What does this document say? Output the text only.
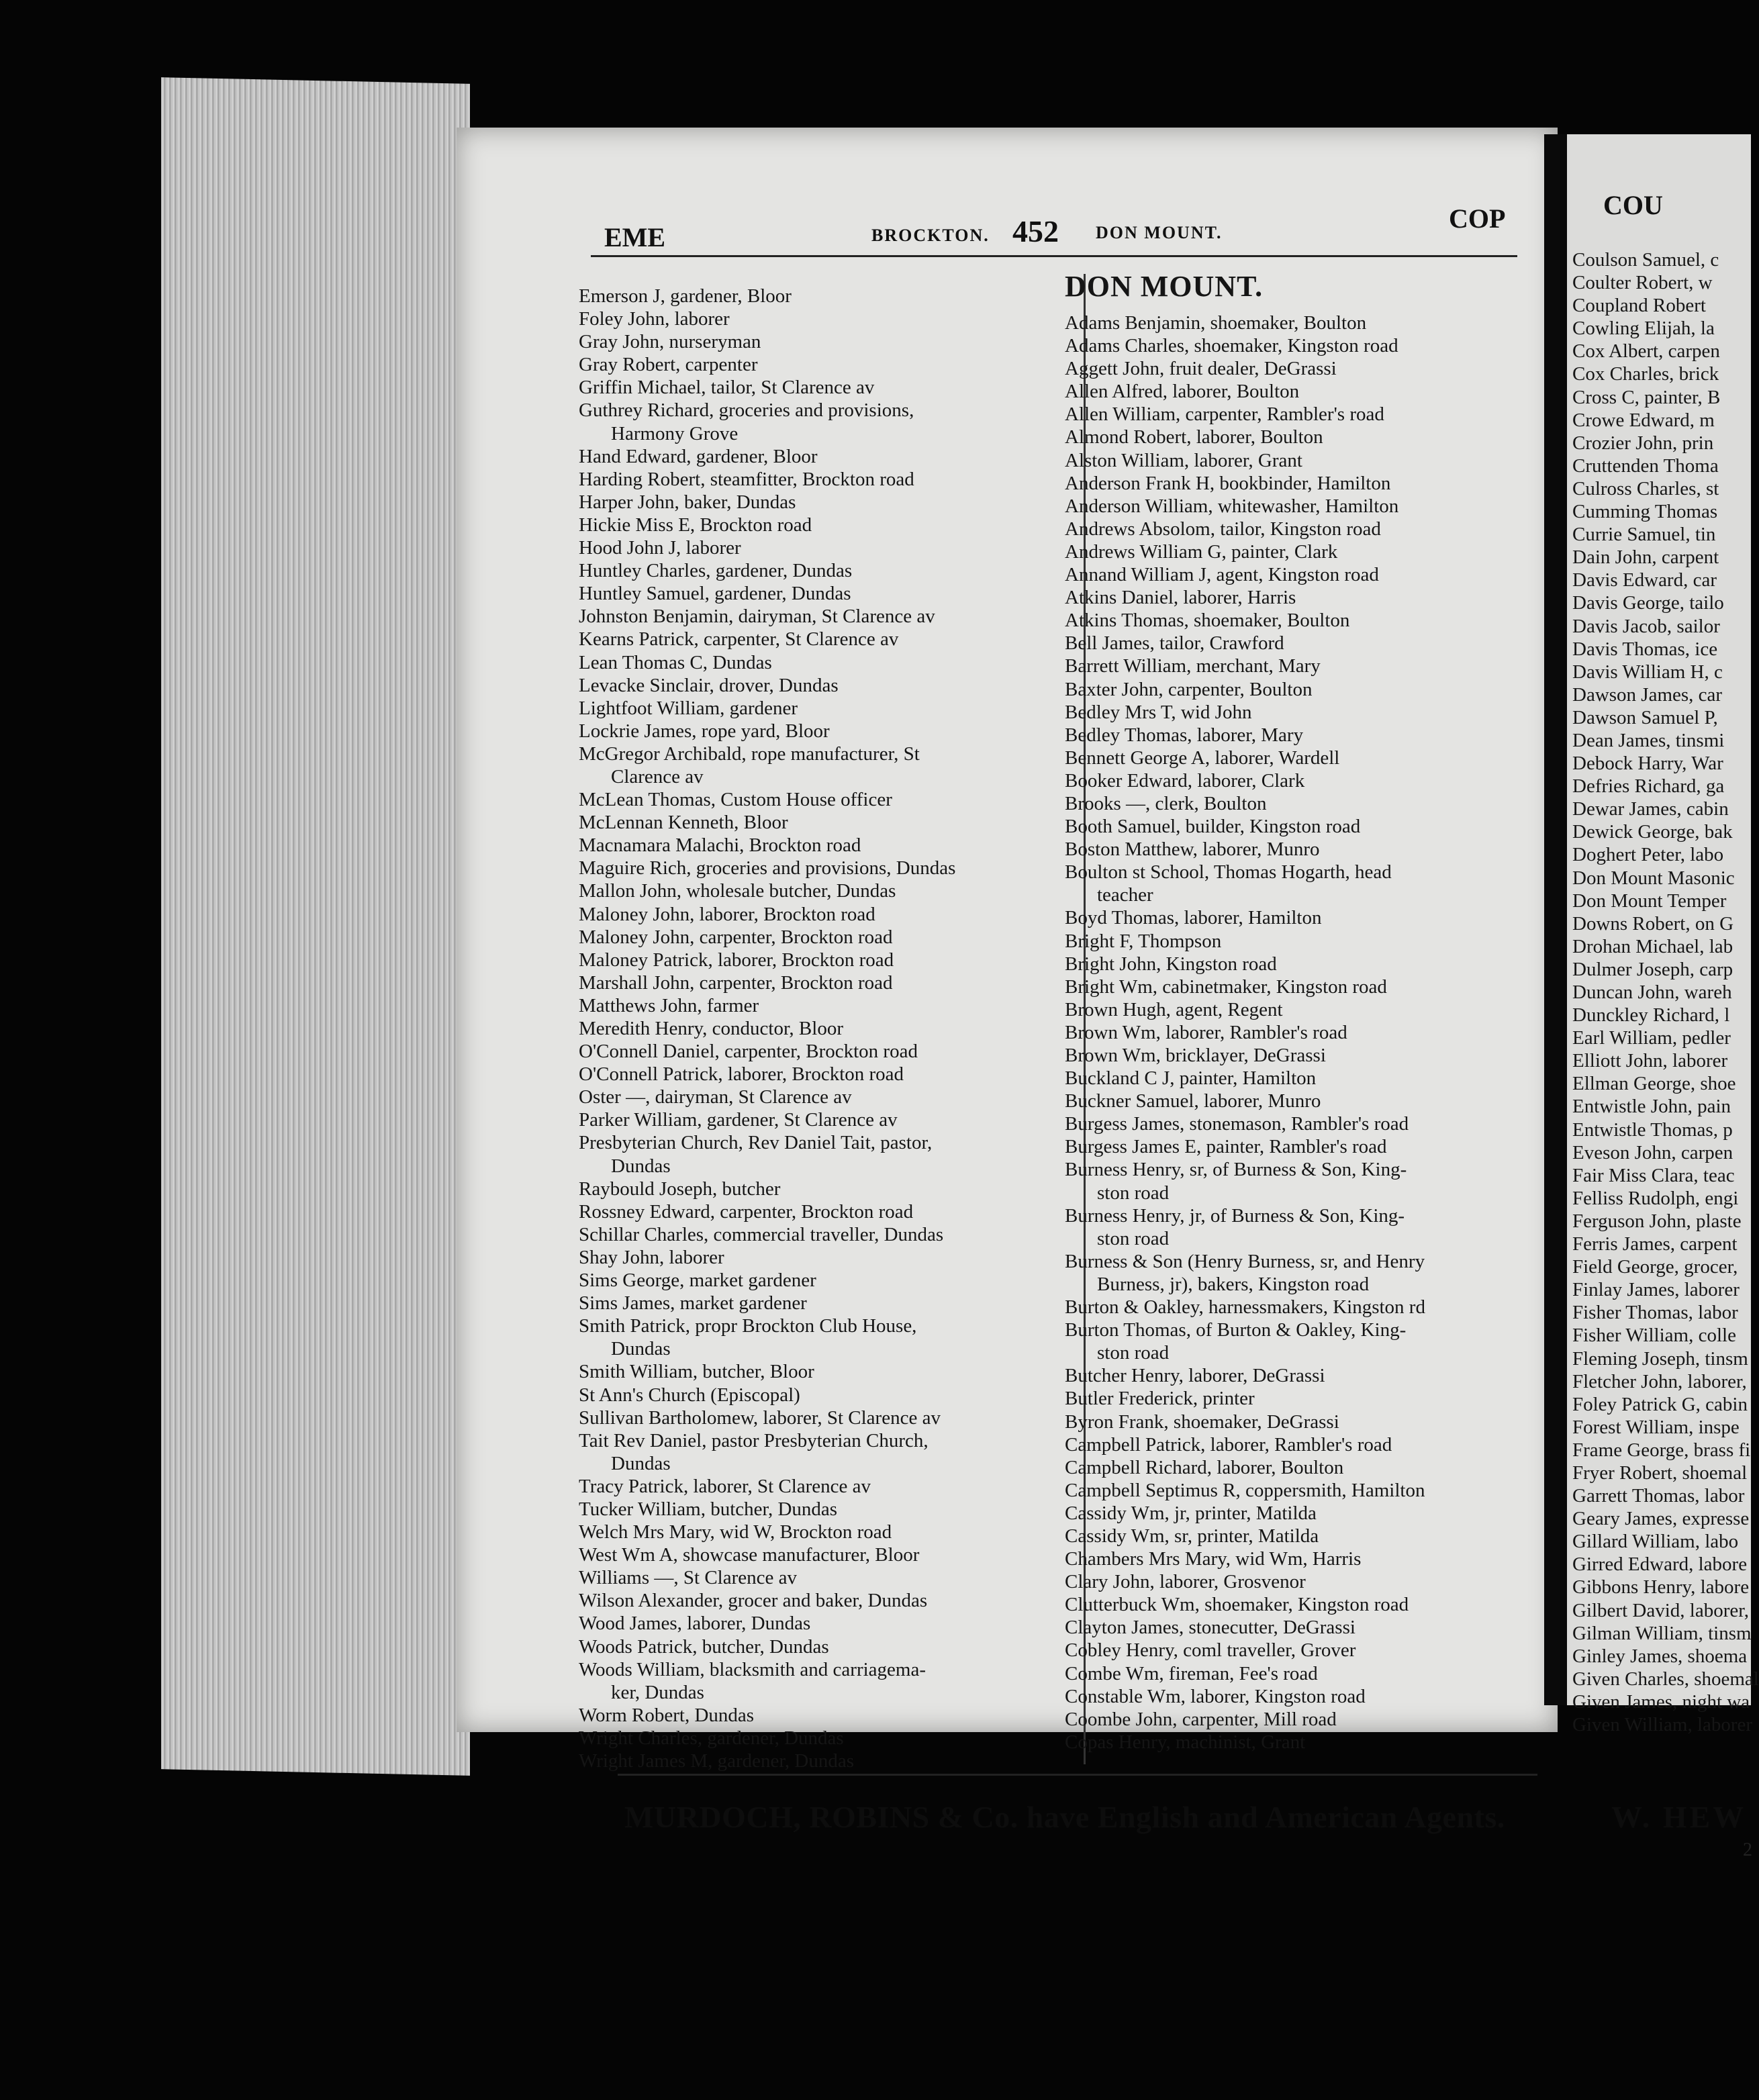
EME	BROCKTON. 452 DON MOUNT.	COP
Emerson J, gardener, Bloor
Foley John, laborer
Gray John, nurseryman
Gray Robert, carpenter
Griffin Michael, tailor, St Clarence av
Guthrey Richard, groceries and provisions,
Harmony Grove
Hand Edward, gardener, Bloor
Harding Robert, steamfitter, Brockton road
Harper John, baker, Dundas
Hickie Miss E, Brockton road
Hood John J, laborer
Huntley Charles, gardener, Dundas
Huntley Samuel, gardener, Dundas
Johnston Benjamin, dairyman, St Clarence av
Kearns Patrick, carpenter, St Clarence av
Lean Thomas C, Dundas
Levacke Sinclair, drover, Dundas
Lightfoot William, gardener
Lockrie James, rope yard, Bloor
McGregor Archibald, rope manufacturer, St
Clarence av
McLean Thomas, Custom House officer
McLennan Kenneth, Bloor
Macnamara Malachi, Brockton road
Maguire Rich, groceries and provisions, Dundas
Mallon John, wholesale butcher, Dundas
Maloney John, laborer, Brockton road
Maloney John, carpenter, Brockton road
Maloney Patrick, laborer, Brockton road
Marshall John, carpenter, Brockton road
Matthews John, farmer
Meredith Henry, conductor, Bloor
O'Connell Daniel, carpenter, Brockton road
O'Connell Patrick, laborer, Brockton road
Oster —, dairyman, St Clarence av
Parker William, gardener, St Clarence av
Presbyterian Church, Rev Daniel Tait, pastor,
Dundas
Raybould Joseph, butcher
Rossney Edward, carpenter, Brockton road
Schillar Charles, commercial traveller, Dundas
Shay John, laborer
Sims George, market gardener
Sims James, market gardener
Smith Patrick, propr Brockton Club House,
Dundas
Smith William, butcher, Bloor
St Ann's Church (Episcopal)
Sullivan Bartholomew, laborer, St Clarence av
Tait Rev Daniel, pastor Presbyterian Church,
Dundas
Tracy Patrick, laborer, St Clarence av
Tucker William, butcher, Dundas
Welch Mrs Mary, wid W, Brockton road
West Wm A, showcase manufacturer, Bloor
Williams —, St Clarence av
Wilson Alexander, grocer and baker, Dundas
Wood James, laborer, Dundas
Woods Patrick, butcher, Dundas
Woods William, blacksmith and carriagema-
ker, Dundas
Worm Robert, Dundas
Wright Charles, gardener, Dundas
Wright James M, gardener, Dundas
DON MOUNT.
Adams Benjamin, shoemaker, Boulton
Adams Charles, shoemaker, Kingston road
Aggett John, fruit dealer, DeGrassi
Allen Alfred, laborer, Boulton
Allen William, carpenter, Rambler's road
Almond Robert, laborer, Boulton
Alston William, laborer, Grant
Anderson Frank H, bookbinder, Hamilton
Anderson William, whitewasher, Hamilton
Andrews Absolom, tailor, Kingston road
Andrews William G, painter, Clark
Annand William J, agent, Kingston road
Atkins Daniel, laborer, Harris
Atkins Thomas, shoemaker, Boulton
Bell James, tailor, Crawford
Barrett William, merchant, Mary
Baxter John, carpenter, Boulton
Bedley Mrs T, wid John
Bedley Thomas, laborer, Mary
Bennett George A, laborer, Wardell
Booker Edward, laborer, Clark
Brooks —, clerk, Boulton
Booth Samuel, builder, Kingston road
Boston Matthew, laborer, Munro
Boulton st School, Thomas Hogarth, head
teacher
Boyd Thomas, laborer, Hamilton
Bright F, Thompson
Bright John, Kingston road
Bright Wm, cabinetmaker, Kingston road
Brown Hugh, agent, Regent
Brown Wm, laborer, Rambler's road
Brown Wm, bricklayer, DeGrassi
Buckland C J, painter, Hamilton
Buckner Samuel, laborer, Munro
Burgess James, stonemason, Rambler's road
Burgess James E, painter, Rambler's road
Burness Henry, sr, of Burness & Son, King-
ston road
Burness Henry, jr, of Burness & Son, King-
ston road
Burness & Son (Henry Burness, sr, and Henry
Burness, jr), bakers, Kingston road
Burton & Oakley, harnessmakers, Kingston rd
Burton Thomas, of Burton & Oakley, King-
ston road
Butcher Henry, laborer, DeGrassi
Butler Frederick, printer
Byron Frank, shoemaker, DeGrassi
Campbell Patrick, laborer, Rambler's road
Campbell Richard, laborer, Boulton
Campbell Septimus R, coppersmith, Hamilton
Cassidy Wm, jr, printer, Matilda
Cassidy Wm, sr, printer, Matilda
Chambers Mrs Mary, wid Wm, Harris
Clary John, laborer, Grosvenor
Clutterbuck Wm, shoemaker, Kingston road
Clayton James, stonecutter, DeGrassi
Cobley Henry, coml traveller, Grover
Combe Wm, fireman, Fee's road
Constable Wm, laborer, Kingston road
Coombe John, carpenter, Mill road
Copas Henry, machinist, Grant
MURDOCH, ROBINS & Co. have English and American Agents.
COU
Coulson Samuel, c
Coulter Robert, w
Coupland Robert
Cowling Elijah, la
Cox Albert, carpen
Cox Charles, brick
Cross C, painter, B
Crowe Edward, m
Crozier John, prin
Cruttenden Thoma
Culross Charles, st
Cumming Thomas
Currie Samuel, tin
Dain John, carpent
Davis Edward, car
Davis George, tailo
Davis Jacob, sailor
Davis Thomas, ice
Davis William H, c
Dawson James, car
Dawson Samuel P,
Dean James, tinsmi
Debock Harry, War
Defries Richard, ga
Dewar James, cabin
Dewick George, bak
Doghert Peter, labo
Don Mount Masonic
Don Mount Temper
Downs Robert, on G
Drohan Michael, lab
Dulmer Joseph, carp
Duncan John, wareh
Dunckley Richard, l
Earl William, pedler
Elliott John, laborer
Ellman George, shoe
Entwistle John, pain
Entwistle Thomas, p
Eveson John, carpen
Fair Miss Clara, teac
Felliss Rudolph, engi
Ferguson John, plaste
Ferris James, carpent
Field George, grocer,
Finlay James, laborer
Fisher Thomas, labor
Fisher William, colle
Fleming Joseph, tinsm
Fletcher John, laborer,
Foley Patrick G, cabin
Forest William, inspe
Frame George, brass fi
Fryer Robert, shoemal
Garrett Thomas, labor
Geary James, expresse
Gillard William, labo
Girred Edward, labore
Gibbons Henry, labore
Gilbert David, laborer,
Gilman William, tinsm
Ginley James, shoema
Given Charles, shoemal
Given James, night wa
Given William, laborer
W. HEW
2
